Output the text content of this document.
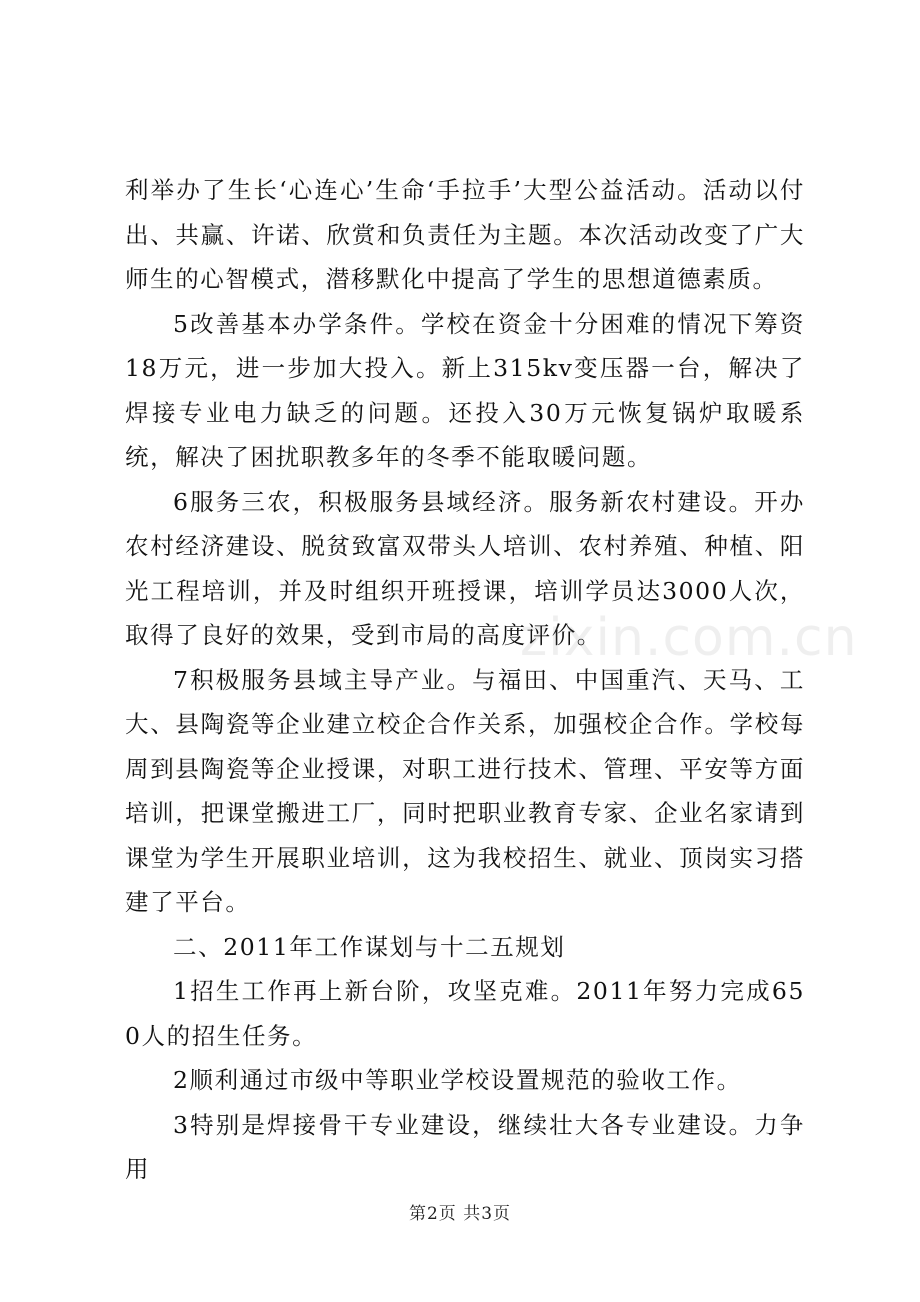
利举办了生长‘心连心’生命‘手拉手’大型公益活动。活动以付出、共赢、许诺、欣赏和负责任为主题。本次活动改变了广大师生的心智模式，潜移默化中提高了学生的思想道德素质。

5改善基本办学条件。学校在资金十分困难的情况下筹资18万元，进一步加大投入。新上315kv变压器一台，解决了焊接专业电力缺乏的问题。还投入30万元恢复锅炉取暖系统，解决了困扰职教多年的冬季不能取暖问题。

6服务三农，积极服务县域经济。服务新农村建设。开办农村经济建设、脱贫致富双带头人培训、农村养殖、种植、阳光工程培训，并及时组织开班授课，培训学员达3000人次，取得了良好的效果，受到市局的高度评价。

7积极服务县域主导产业。与福田、中国重汽、天马、工大、县陶瓷等企业建立校企合作关系，加强校企合作。学校每周到县陶瓷等企业授课，对职工进行技术、管理、平安等方面培训，把课堂搬进工厂，同时把职业教育专家、企业名家请到课堂为学生开展职业培训，这为我校招生、就业、顶岗实习搭建了平台。

二、2011年工作谋划与十二五规划

1招生工作再上新台阶，攻坚克难。2011年努力完成650人的招生任务。

2顺利通过市级中等职业学校设置规范的验收工作。

3特别是焊接骨干专业建设，继续壮大各专业建设。力争用

zixin.com.cn
第2页 共3页
